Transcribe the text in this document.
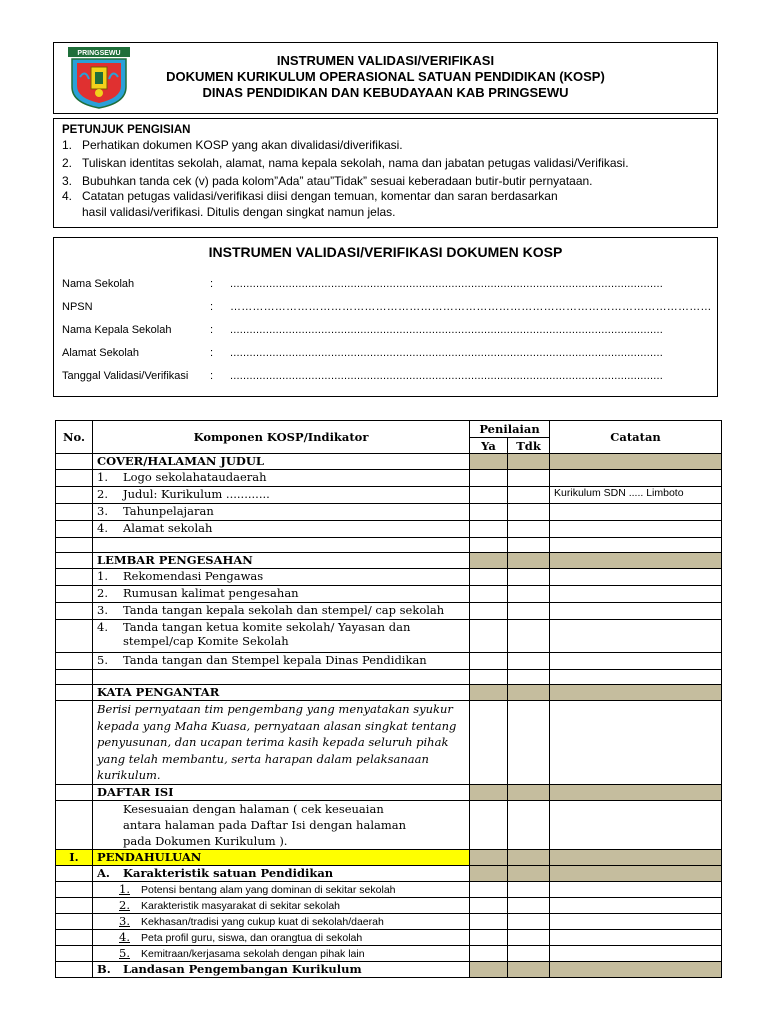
PRINGSEWU	INSTRUMEN VALIDASI/VERIFIKASI
DOKUMEN KURIKULUM OPERASIONAL SATUAN PENDIDIKAN (KOSP)
DINAS PENDIDIKAN DAN KEBUDAYAAN KAB PRINGSEWU
PETUNJUK PENGISIAN
1. Perhatikan dokumen KOSP yang akan divalidasi/diverifikasi.
2. Tuliskan identitas sekolah, alamat, nama kepala sekolah, nama dan jabatan petugas validasi/Verifikasi.
3. Bubuhkan tanda cek (v) pada kolom”Ada” atau”Tidak” sesuai keberadaan butir-butir pernyataan.
4. Catatan petugas validasi/verifikasi diisi dengan temuan, komentar dan saran berdasarkan
hasil validasi/verifikasi. Ditulis dengan singkat namun jelas.
INSTRUMEN VALIDASI/VERIFIKASI DOKUMEN KOSP
Nama Sekolah	: .....................................................................................................................................
NPSN	: …………………………………………………………………………………………………………………
Nama Kepala Sekolah	: .....................................................................................................................................
Alamat Sekolah	: .....................................................................................................................................
Tanggal Validasi/Verifikasi : .....................................................................................................................................
No.	Komponen KOSP/Indikator	Penilaian		Catatan
		Ya	Tdk	
	COVER/HALAMAN JUDUL			
	1. Logo sekolahataudaerah			
	2. Judul: Kurikulum ............			Kurikulum SDN ..... Limboto
	3. Tahunpelajaran			
	4. Alamat sekolah			

	LEMBAR PENGESAHAN			
	1. Rekomendasi Pengawas			
	2. Rumusan kalimat pengesahan			
	3. Tanda tangan kepala sekolah dan stempel/ cap sekolah			
	4. Tanda tangan ketua komite sekolah/ Yayasan dan
stempel/cap Komite Sekolah			
	5. Tanda tangan dan Stempel kepala Dinas Pendidikan			

	KATA PENGANTAR			
	Berisi pernyataan tim pengembang yang menyatakan syukur kepada yang Maha Kuasa, pernyataan alasan singkat tentang penyusunan, dan ucapan terima kasih kepada seluruh pihak yang telah membantu, serta harapan dalam pelaksanaan kurikulum.			
	DAFTAR ISI			
	Kesesuaian dengan halaman ( cek keseuaian antara halaman pada Daftar Isi dengan halaman pada Dokumen Kurikulum ).			
I.	PENDAHULUAN			
	A. Karakteristik satuan Pendidikan			
	1. Potensi bentang alam yang dominan di sekitar sekolah			
	2. Karakteristik masyarakat di sekitar sekolah			
	3. Kekhasan/tradisi yang cukup kuat di sekolah/daerah			
	4. Peta profil guru, siswa, dan orangtua di sekolah			
	5. Kemitraan/kerjasama sekolah dengan pihak lain			
	B. Landasan Pengembangan Kurikulum			
